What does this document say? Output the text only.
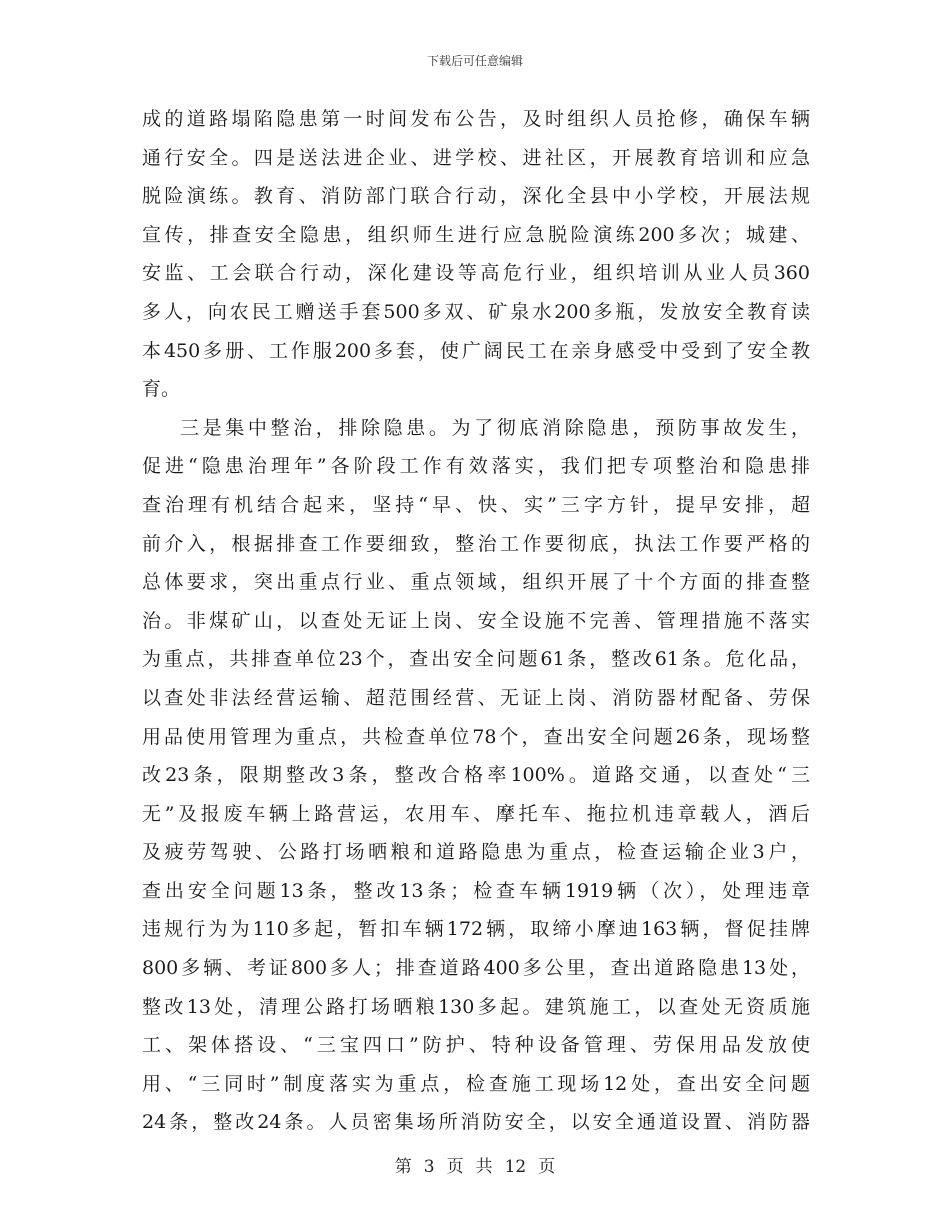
下载后可任意编辑
成的道路塌陷隐患第一时间发布公告，及时组织人员抢修，确保车辆
通行安全。四是送法进企业、进学校、进社区，开展教育培训和应急
脱险演练。教育、消防部门联合行动，深化全县中小学校，开展法规
宣传，排查安全隐患，组织师生进行应急脱险演练200多次；城建、
安监、工会联合行动，深化建设等高危行业，组织培训从业人员360
多人，向农民工赠送手套500多双、矿泉水200多瓶，发放安全教育读
本450多册、工作服200多套，使广阔民工在亲身感受中受到了安全教
育。
三是集中整治，排除隐患。为了彻底消除隐患，预防事故发生，
促进“隐患治理年”各阶段工作有效落实，我们把专项整治和隐患排
查治理有机结合起来，坚持“早、快、实”三字方针，提早安排，超
前介入，根据排查工作要细致，整治工作要彻底，执法工作要严格的
总体要求，突出重点行业、重点领域，组织开展了十个方面的排查整
治。非煤矿山，以查处无证上岗、安全设施不完善、管理措施不落实
为重点，共排查单位23个，查出安全问题61条，整改61条。危化品，
以查处非法经营运输、超范围经营、无证上岗、消防器材配备、劳保
用品使用管理为重点，共检查单位78个，查出安全问题26条，现场整
改23条，限期整改3条，整改合格率100%。道路交通，以查处“三
无”及报废车辆上路营运，农用车、摩托车、拖拉机违章载人，酒后
及疲劳驾驶、公路打场晒粮和道路隐患为重点，检查运输企业3户，
查出安全问题13条，整改13条；检查车辆1919辆（次），处理违章
违规行为为110多起，暂扣车辆172辆，取缔小摩迪163辆，督促挂牌
800多辆、考证800多人；排查道路400多公里，查出道路隐患13处，
整改13处，清理公路打场晒粮130多起。建筑施工，以查处无资质施
工、架体搭设、“三宝四口”防护、特种设备管理、劳保用品发放使
用、“三同时”制度落实为重点，检查施工现场12处，查出安全问题
24条，整改24条。人员密集场所消防安全，以安全通道设置、消防器
第 3 页 共 12 页
